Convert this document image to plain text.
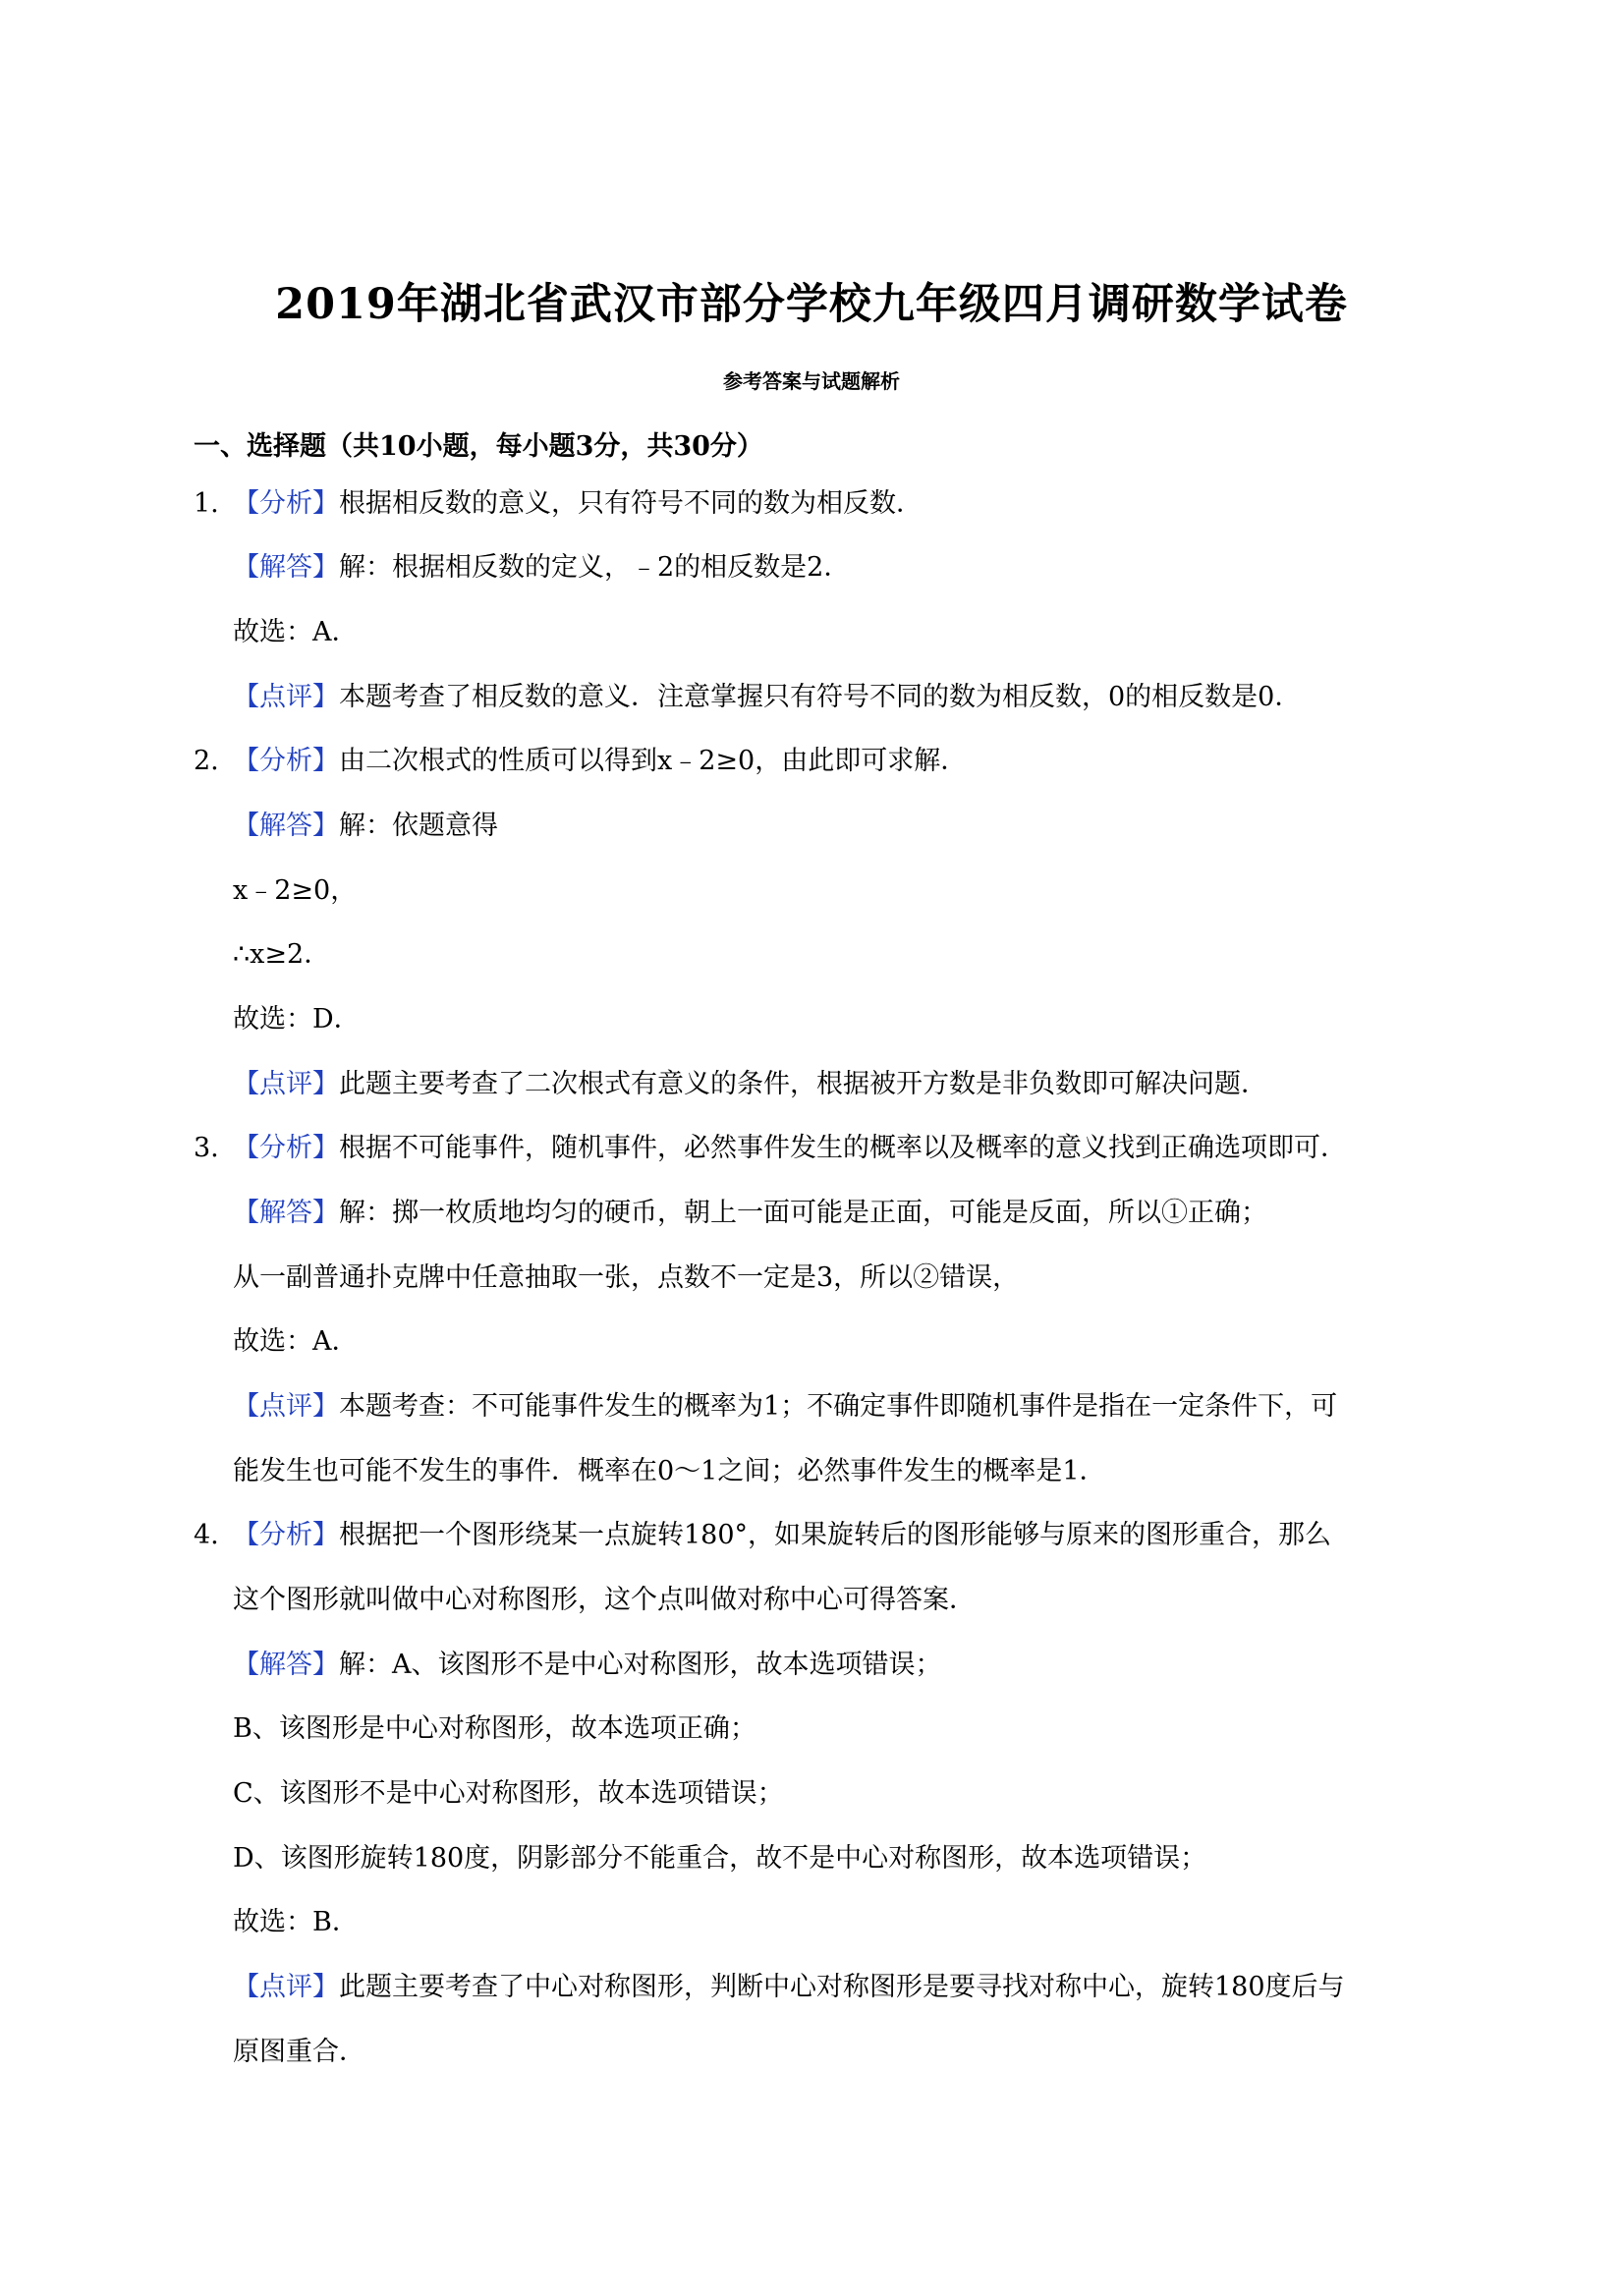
2019年湖北省武汉市部分学校九年级四月调研数学试卷
参考答案与试题解析
一、选择题（共10小题，每小题3分，共30分）
1. 【分析】根据相反数的意义，只有符号不同的数为相反数．
【解答】解：根据相反数的定义，﹣2的相反数是2．
故选：A．
【点评】本题考查了相反数的意义．注意掌握只有符号不同的数为相反数，0的相反数是0．
2. 【分析】由二次根式的性质可以得到x﹣2≥0，由此即可求解．
【解答】解：依题意得
x﹣2≥0，
∴x≥2．
故选：D．
【点评】此题主要考查了二次根式有意义的条件，根据被开方数是非负数即可解决问题．
3. 【分析】根据不可能事件，随机事件，必然事件发生的概率以及概率的意义找到正确选项即可．
【解答】解：掷一枚质地均匀的硬币，朝上一面可能是正面，可能是反面，所以①正确；
从一副普通扑克牌中任意抽取一张，点数不一定是3，所以②错误，
故选：A．
【点评】本题考查：不可能事件发生的概率为1；不确定事件即随机事件是指在一定条件下，可
能发生也可能不发生的事件．概率在0～1之间；必然事件发生的概率是1．
4. 【分析】根据把一个图形绕某一点旋转180°，如果旋转后的图形能够与原来的图形重合，那么
这个图形就叫做中心对称图形，这个点叫做对称中心可得答案．
【解答】解：A、该图形不是中心对称图形，故本选项错误；
B、该图形是中心对称图形，故本选项正确；
C、该图形不是中心对称图形，故本选项错误；
D、该图形旋转180度，阴影部分不能重合，故不是中心对称图形，故本选项错误；
故选：B．
【点评】此题主要考查了中心对称图形，判断中心对称图形是要寻找对称中心，旋转180度后与
原图重合．
